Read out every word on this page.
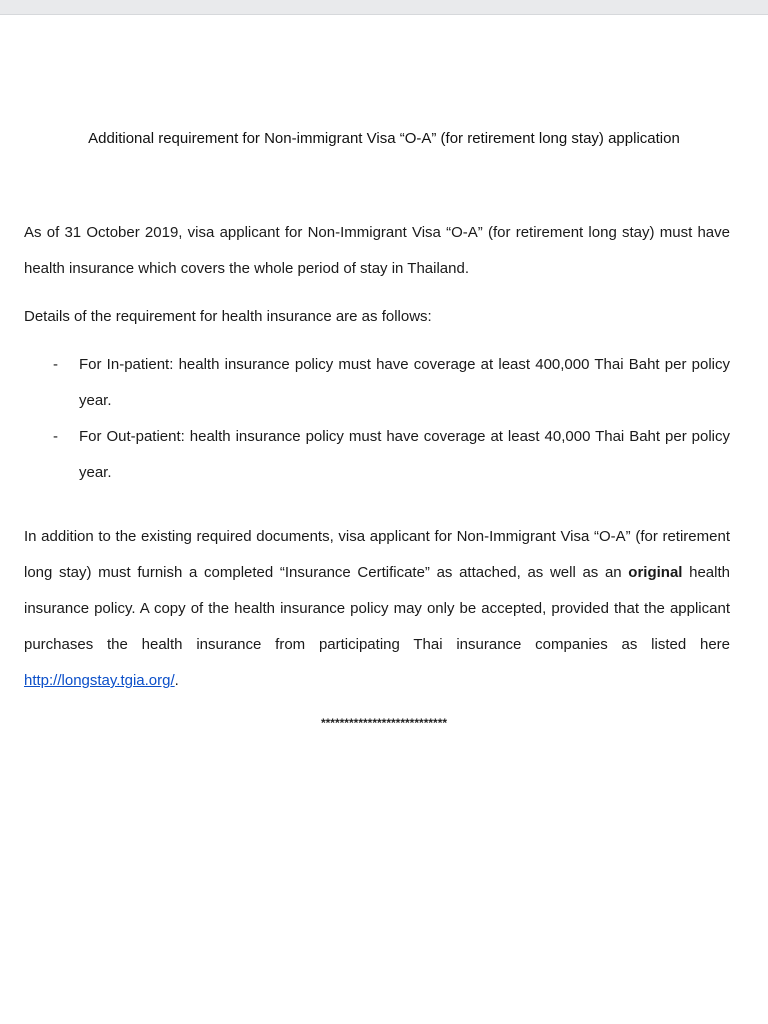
Additional requirement for Non-immigrant Visa “O-A” (for retirement long stay) application

As of 31 October 2019, visa applicant for Non-Immigrant Visa “O-A” (for retirement long stay) must have health insurance which covers the whole period of stay in Thailand.

Details of the requirement for health insurance are as follows:

-	For In-patient: health insurance policy must have coverage at least 400,000 Thai Baht per policy year.
-	For Out-patient: health insurance policy must have coverage at least 40,000 Thai Baht per policy year.

In addition to the existing required documents, visa applicant for Non-Immigrant Visa “O-A” (for retirement long stay) must furnish a completed “Insurance Certificate” as attached, as well as an original health insurance policy. A copy of the health insurance policy may only be accepted, provided that the applicant purchases the health insurance from participating Thai insurance companies as listed here http://longstay.tgia.org/.

***************************
